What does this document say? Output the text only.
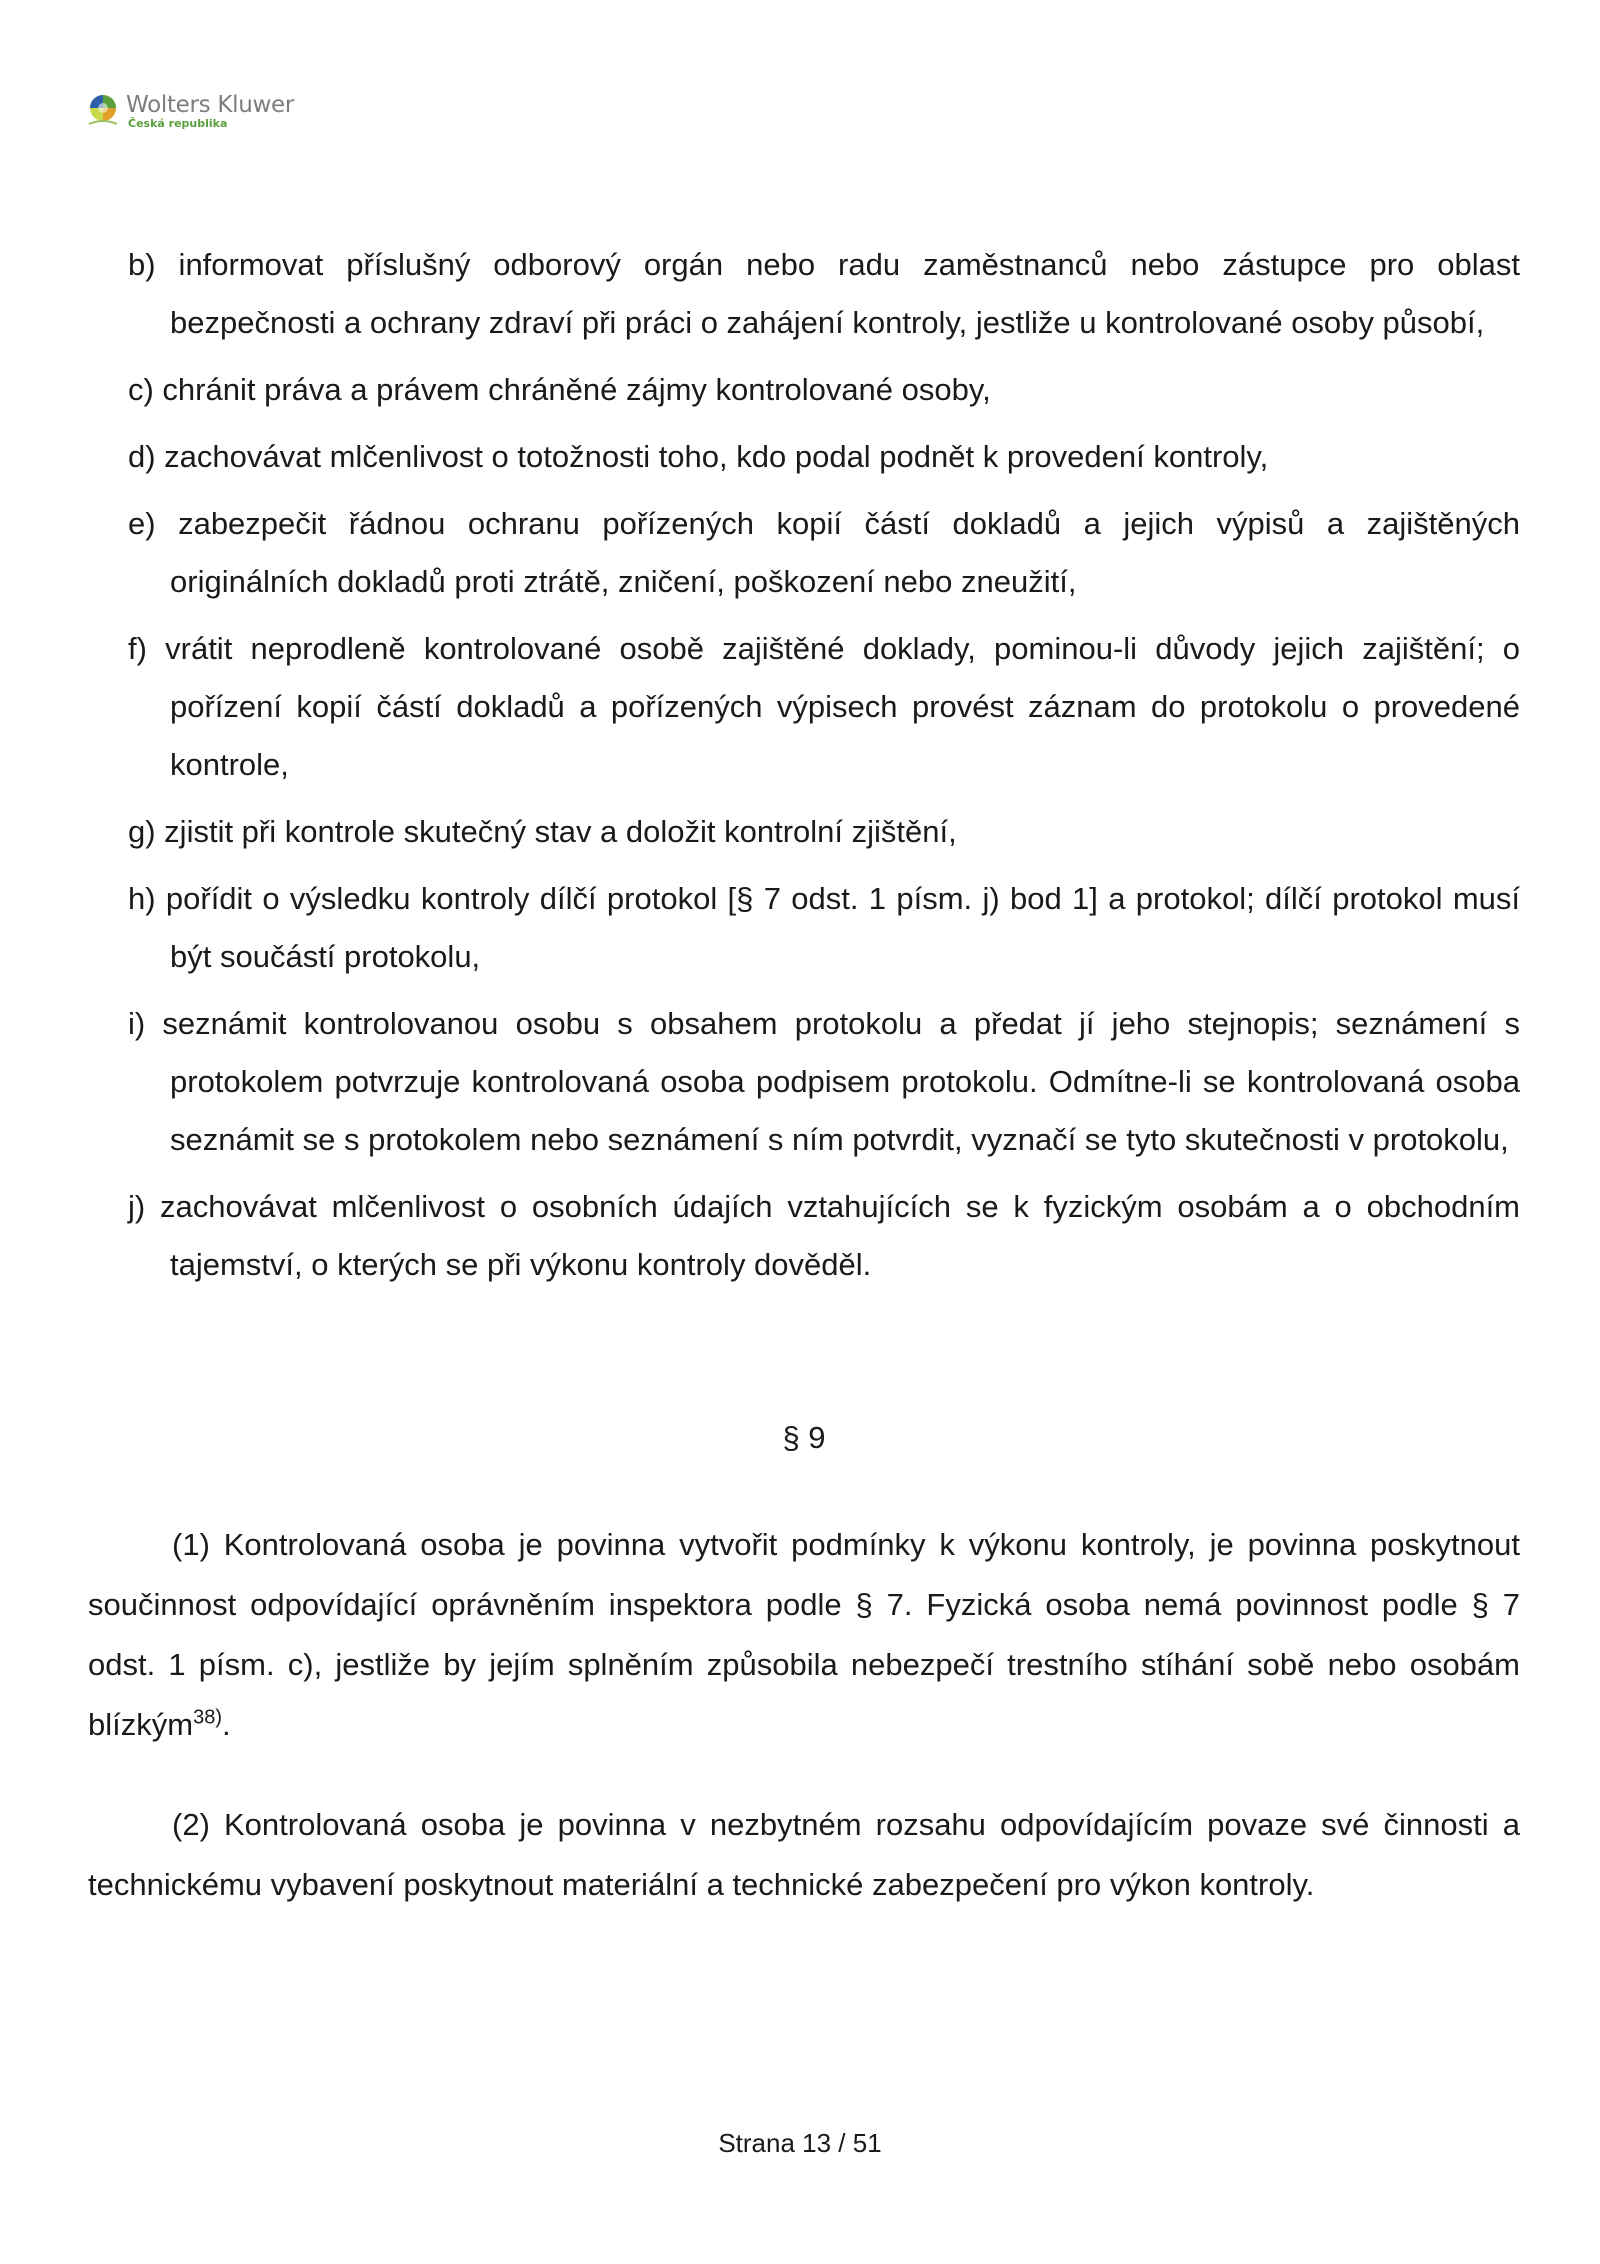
Wolters Kluwer
Česká republika
b) informovat příslušný odborový orgán nebo radu zaměstnanců nebo zástupce pro oblast bezpečnosti a ochrany zdraví při práci o zahájení kontroly, jestliže u kontrolované osoby působí,
c) chránit práva a právem chráněné zájmy kontrolované osoby,
d) zachovávat mlčenlivost o totožnosti toho, kdo podal podnět k provedení kontroly,
e) zabezpečit řádnou ochranu pořízených kopií částí dokladů a jejich výpisů a zajištěných originálních dokladů proti ztrátě, zničení, poškození nebo zneužití,
f) vrátit neprodleně kontrolované osobě zajištěné doklady, pominou-li důvody jejich zajištění; o pořízení kopií částí dokladů a pořízených výpisech provést záznam do protokolu o provedené kontrole,
g) zjistit při kontrole skutečný stav a doložit kontrolní zjištění,
h) pořídit o výsledku kontroly dílčí protokol [§ 7 odst. 1 písm. j) bod 1] a protokol; dílčí protokol musí být součástí protokolu,
i) seznámit kontrolovanou osobu s obsahem protokolu a předat jí jeho stejnopis; seznámení s protokolem potvrzuje kontrolovaná osoba podpisem protokolu. Odmítne-li se kontrolovaná osoba seznámit se s protokolem nebo seznámení s ním potvrdit, vyznačí se tyto skutečnosti v protokolu,
j) zachovávat mlčenlivost o osobních údajích vztahujících se k fyzickým osobám a o obchodním tajemství, o kterých se při výkonu kontroly dověděl.
§ 9

(1) Kontrolovaná osoba je povinna vytvořit podmínky k výkonu kontroly, je povinna poskytnout součinnost odpovídající oprávněním inspektora podle § 7. Fyzická osoba nemá povinnost podle § 7 odst. 1 písm. c), jestliže by jejím splněním způsobila nebezpečí trestního stíhání sobě nebo osobám blízkým$^{38)}$.

(2) Kontrolovaná osoba je povinna v nezbytném rozsahu odpovídajícím povaze své činnosti a technickému vybavení poskytnout materiální a technické zabezpečení pro výkon kontroly.

Strana 13 / 51
